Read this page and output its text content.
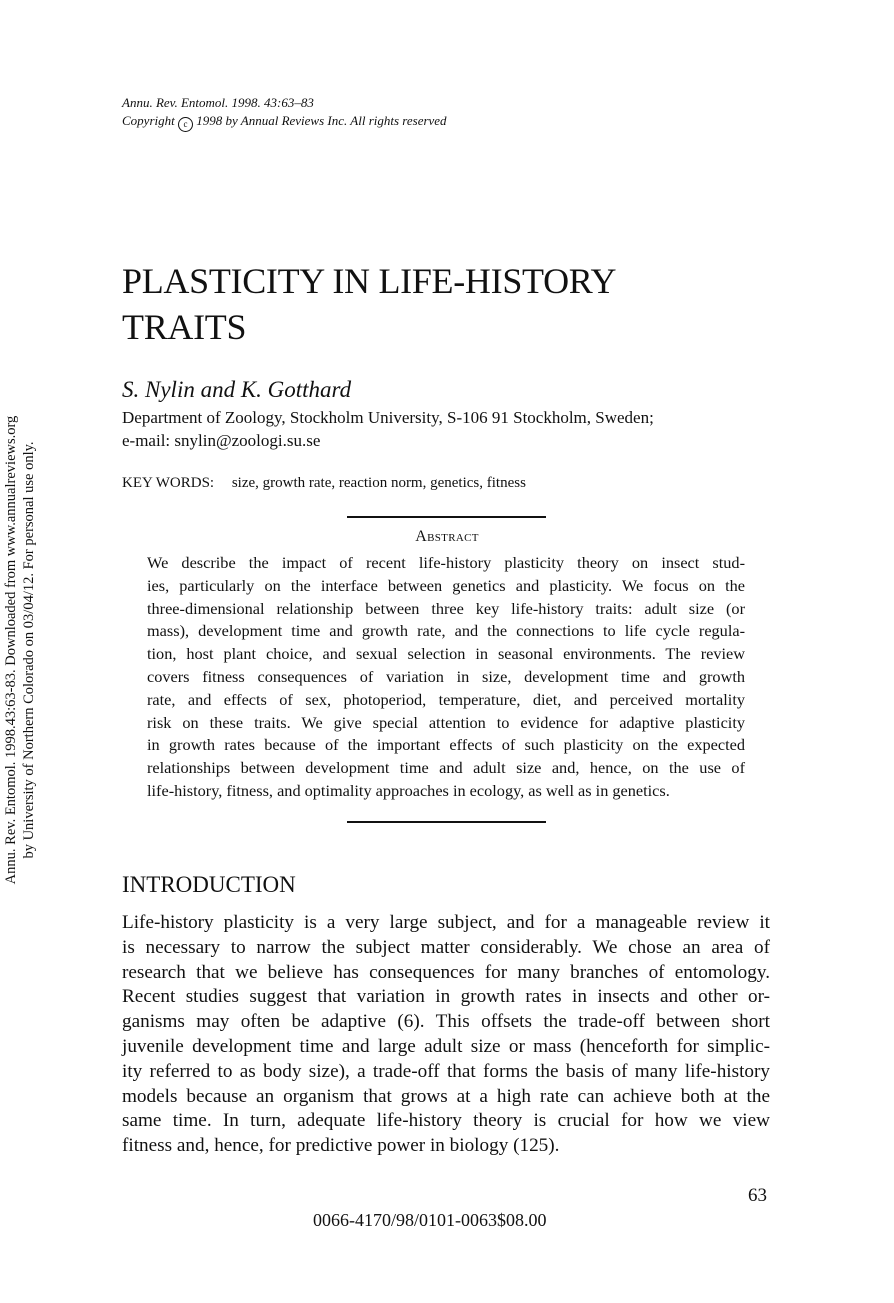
Annu. Rev. Entomol. 1998.43:63-83. Downloaded from www.annualreviews.org by University of Northern Colorado on 03/04/12. For personal use only.
Annu. Rev. Entomol. 1998. 43:63–83
Copyright c 1998 by Annual Reviews Inc. All rights reserved
PLASTICITY IN LIFE-HISTORY
TRAITS
S. Nylin and K. Gotthard
Department of Zoology, Stockholm University, S-106 91 Stockholm, Sweden;
e-mail: snylin@zoologi.su.se
KEY WORDS: size, growth rate, reaction norm, genetics, fitness
Abstract
We describe the impact of recent life-history plasticity theory on insect stud-
ies, particularly on the interface between genetics and plasticity. We focus on the
three-dimensional relationship between three key life-history traits: adult size (or
mass), development time and growth rate, and the connections to life cycle regula-
tion, host plant choice, and sexual selection in seasonal environments. The review
covers fitness consequences of variation in size, development time and growth
rate, and effects of sex, photoperiod, temperature, diet, and perceived mortality
risk on these traits. We give special attention to evidence for adaptive plasticity
in growth rates because of the important effects of such plasticity on the expected
relationships between development time and adult size and, hence, on the use of
life-history, fitness, and optimality approaches in ecology, as well as in genetics.
INTRODUCTION
Life-history plasticity is a very large subject, and for a manageable review it
is necessary to narrow the subject matter considerably. We chose an area of
research that we believe has consequences for many branches of entomology.
Recent studies suggest that variation in growth rates in insects and other or-
ganisms may often be adaptive (6). This offsets the trade-off between short
juvenile development time and large adult size or mass (henceforth for simplic-
ity referred to as body size), a trade-off that forms the basis of many life-history
models because an organism that grows at a high rate can achieve both at the
same time. In turn, adequate life-history theory is crucial for how we view
fitness and, hence, for predictive power in biology (125).
63
0066-4170/98/0101-0063$08.00
